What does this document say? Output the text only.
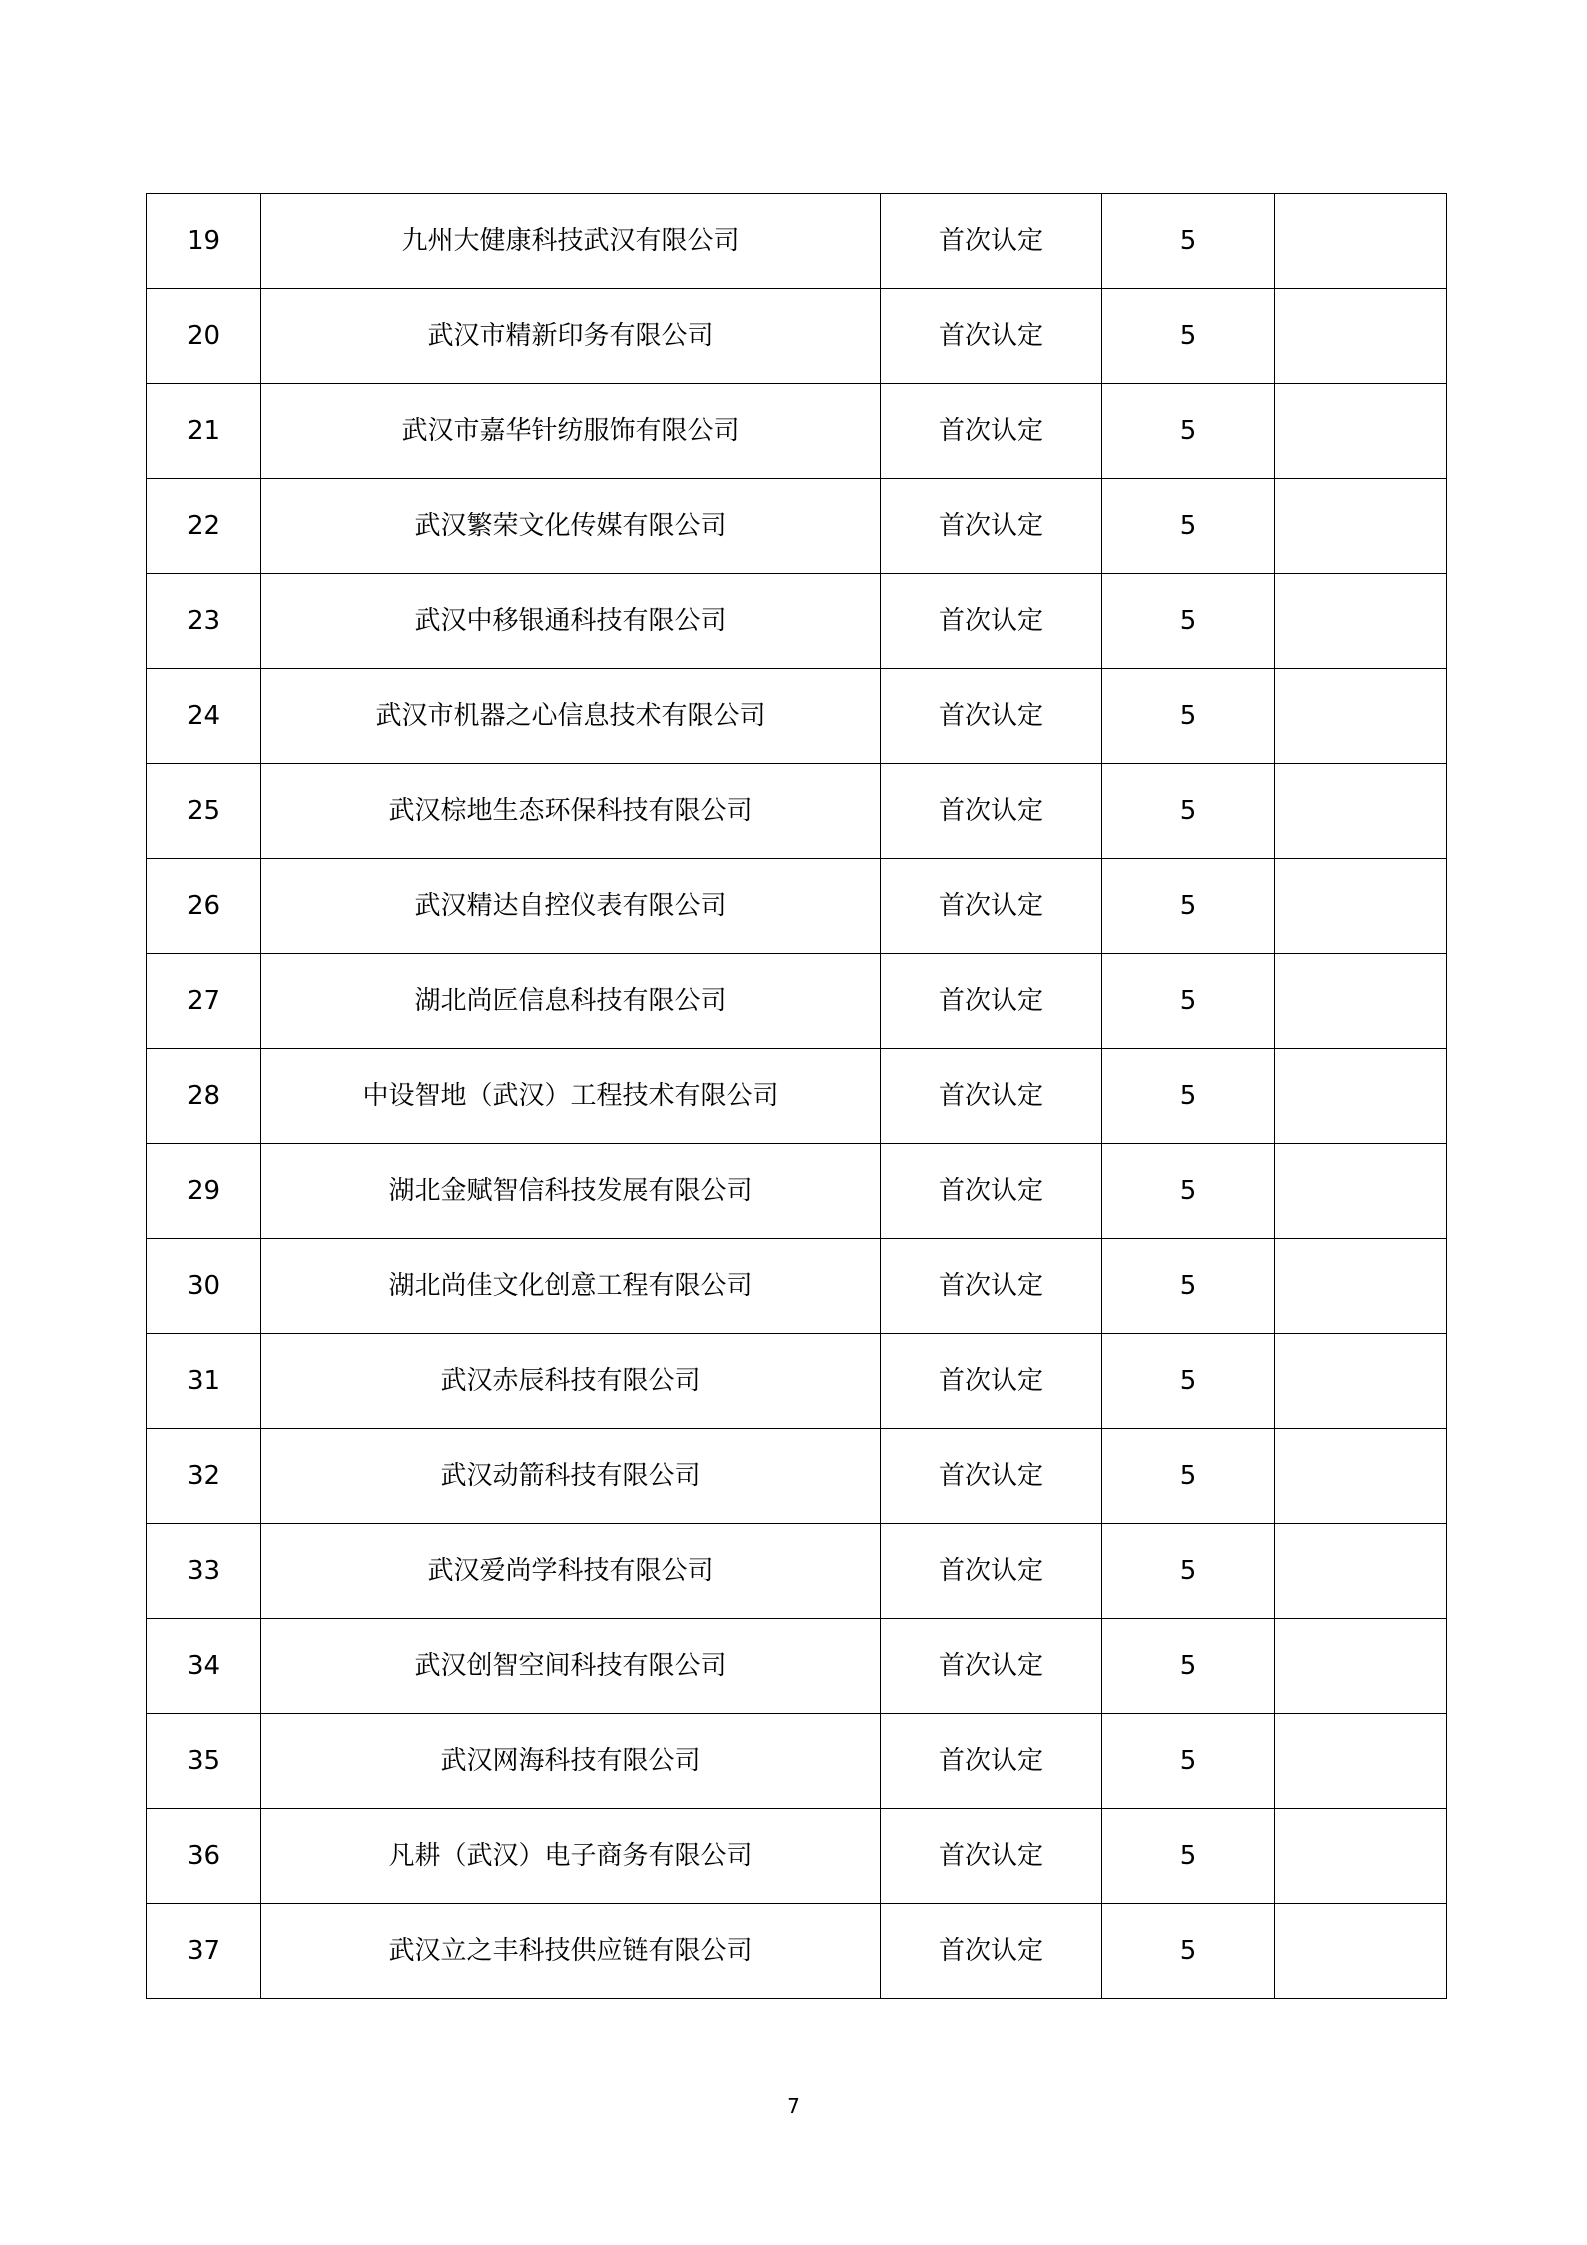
19	九州大健康科技武汉有限公司	首次认定	5	
20	武汉市精新印务有限公司	首次认定	5	
21	武汉市嘉华针纺服饰有限公司	首次认定	5	
22	武汉繁荣文化传媒有限公司	首次认定	5	
23	武汉中移银通科技有限公司	首次认定	5	
24	武汉市机器之心信息技术有限公司	首次认定	5	
25	武汉棕地生态环保科技有限公司	首次认定	5	
26	武汉精达自控仪表有限公司	首次认定	5	
27	湖北尚匠信息科技有限公司	首次认定	5	
28	中设智地（武汉）工程技术有限公司	首次认定	5	
29	湖北金赋智信科技发展有限公司	首次认定	5	
30	湖北尚佳文化创意工程有限公司	首次认定	5	
31	武汉赤辰科技有限公司	首次认定	5	
32	武汉动箭科技有限公司	首次认定	5	
33	武汉爱尚学科技有限公司	首次认定	5	
34	武汉创智空间科技有限公司	首次认定	5	
35	武汉网海科技有限公司	首次认定	5	
36	凡耕（武汉）电子商务有限公司	首次认定	5	
37	武汉立之丰科技供应链有限公司	首次认定	5	
7
